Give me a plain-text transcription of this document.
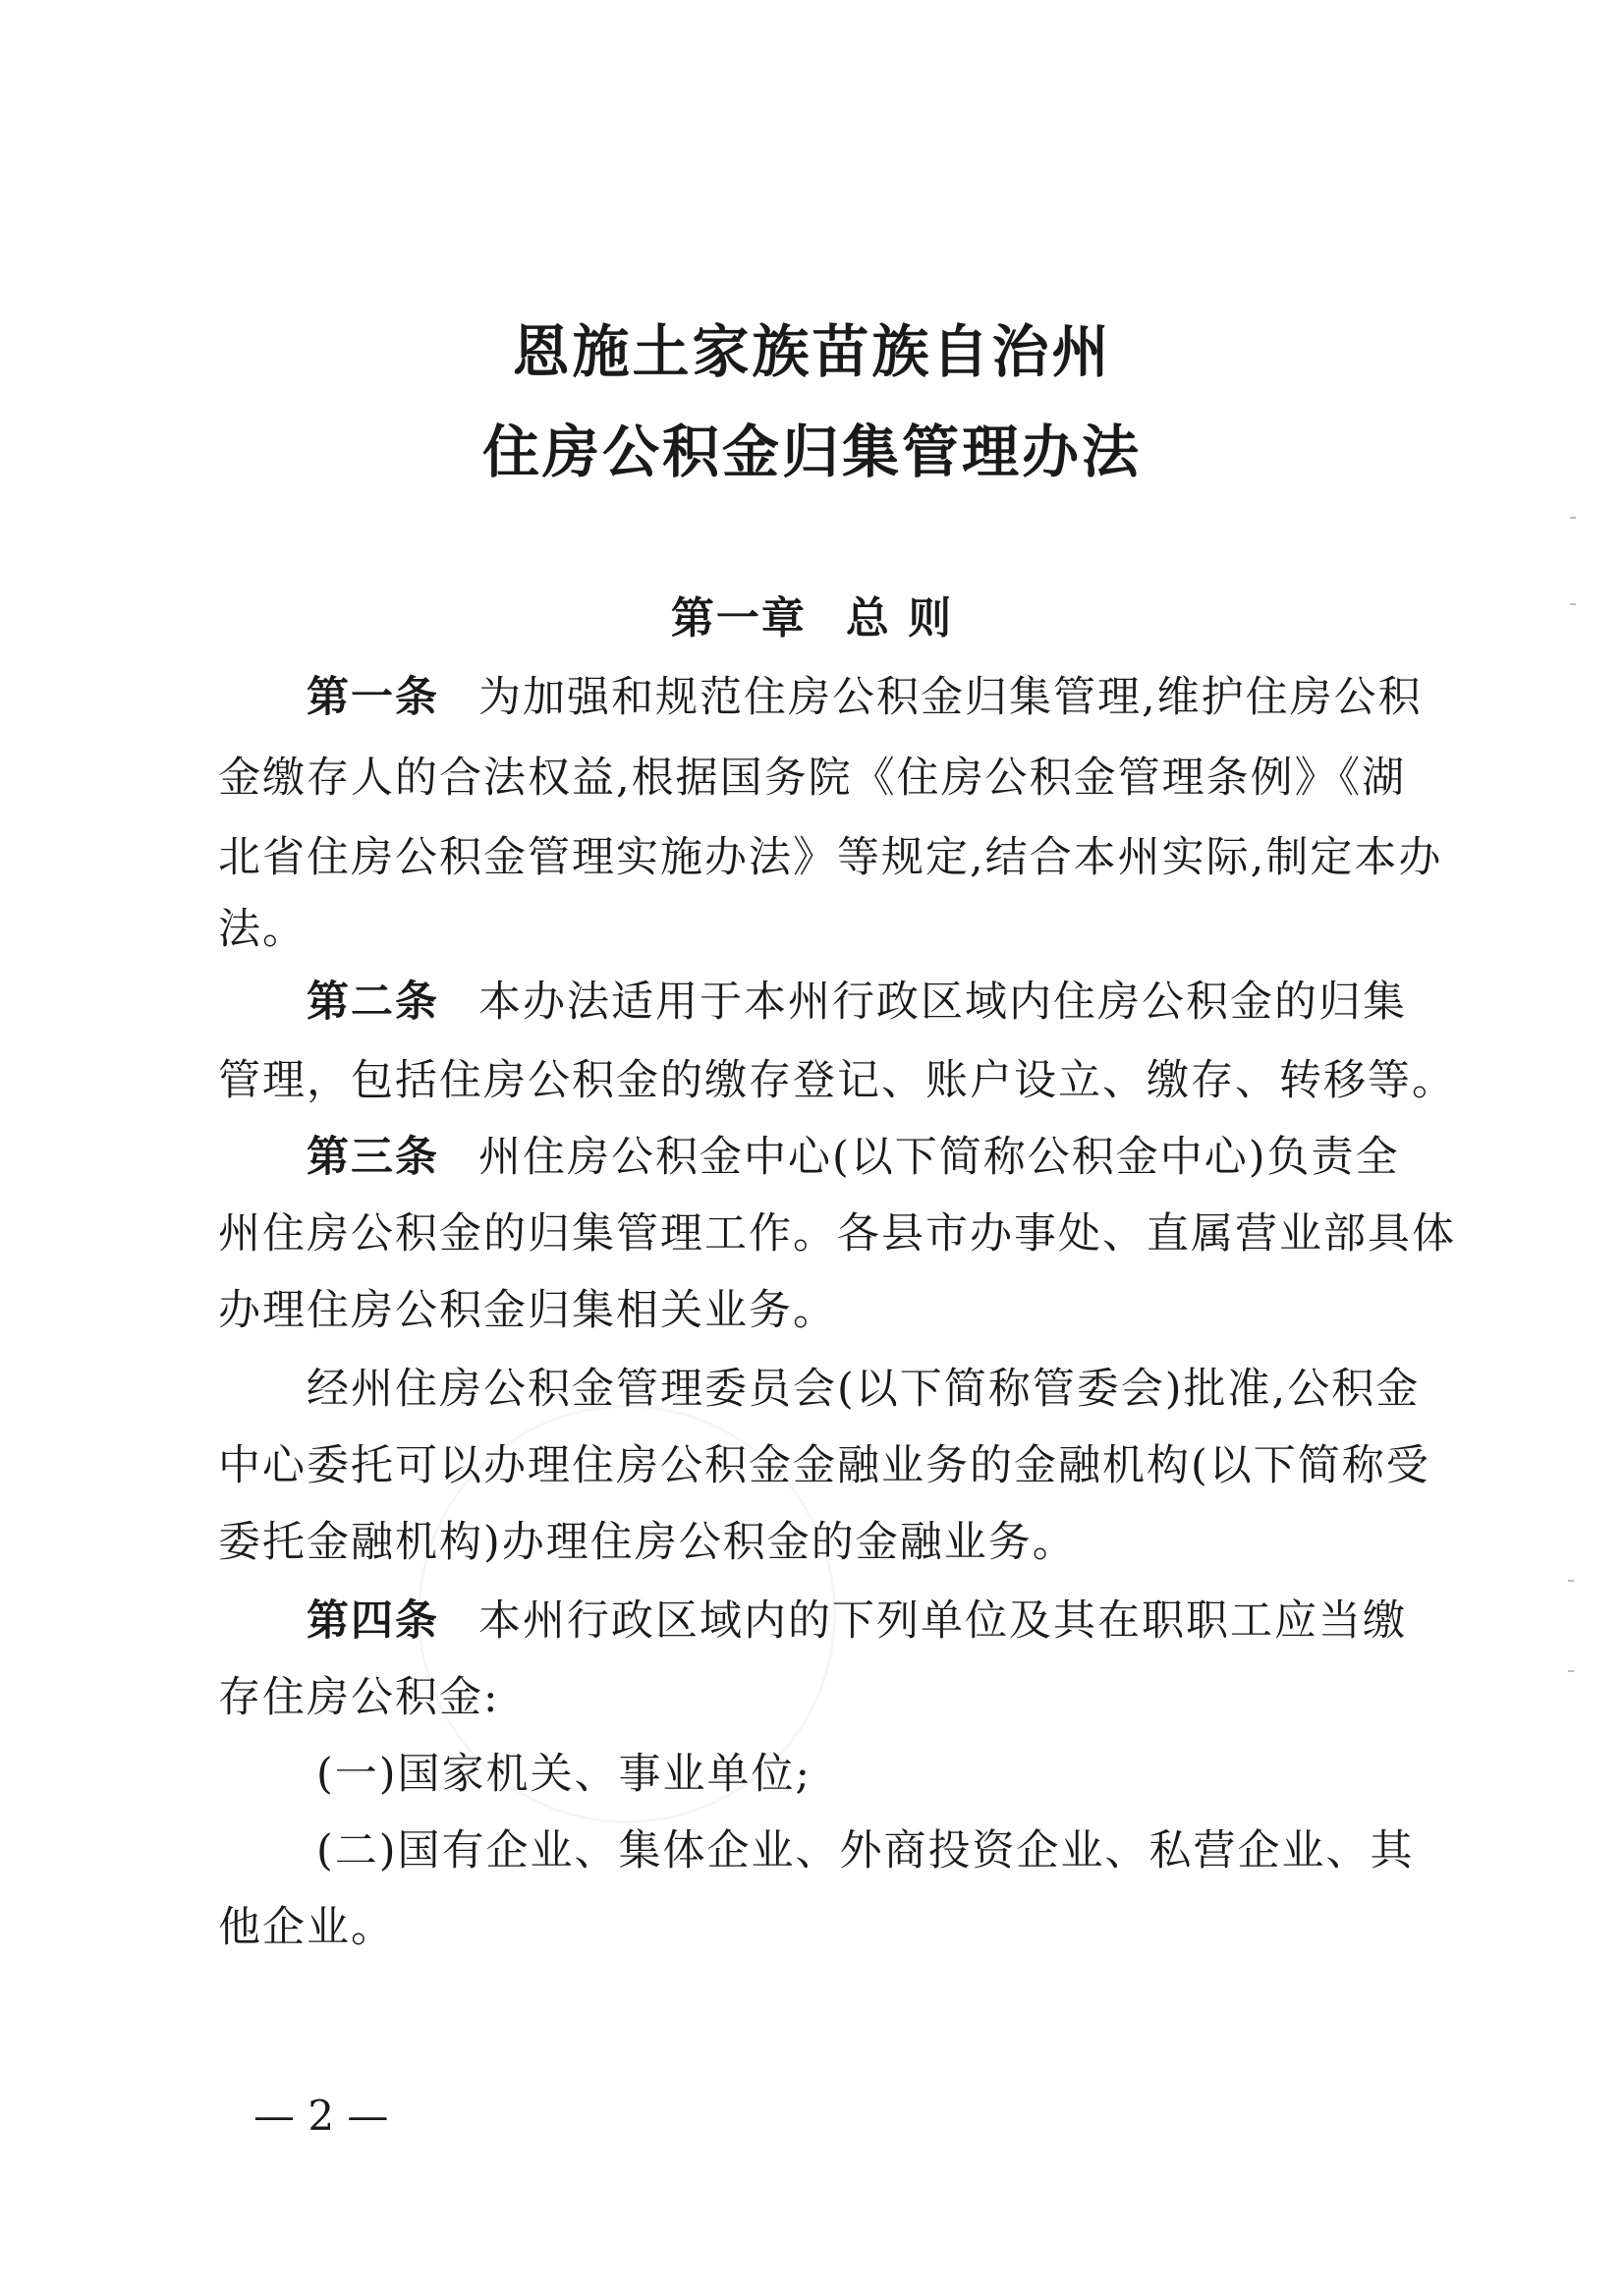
恩施土家族苗族自治州
住房公积金归集管理办法
第一章 总 则
第一条 为加强和规范住房公积金归集管理,维护住房公积
金缴存人的合法权益,根据国务院《住房公积金管理条例》《湖
北省住房公积金管理实施办法》等规定,结合本州实际,制定本办
法。
第二条 本办法适用于本州行政区域内住房公积金的归集
管理，包括住房公积金的缴存登记、账户设立、缴存、转移等。
第三条 州住房公积金中心(以下简称公积金中心)负责全
州住房公积金的归集管理工作。各县市办事处、直属营业部具体
办理住房公积金归集相关业务。
经州住房公积金管理委员会(以下简称管委会)批准,公积金
中心委托可以办理住房公积金金融业务的金融机构(以下简称受
委托金融机构)办理住房公积金的金融业务。
第四条 本州行政区域内的下列单位及其在职职工应当缴
存住房公积金:
(一)国家机关、事业单位;
(二)国有企业、集体企业、外商投资企业、私营企业、其
他企业。
— 2 —
